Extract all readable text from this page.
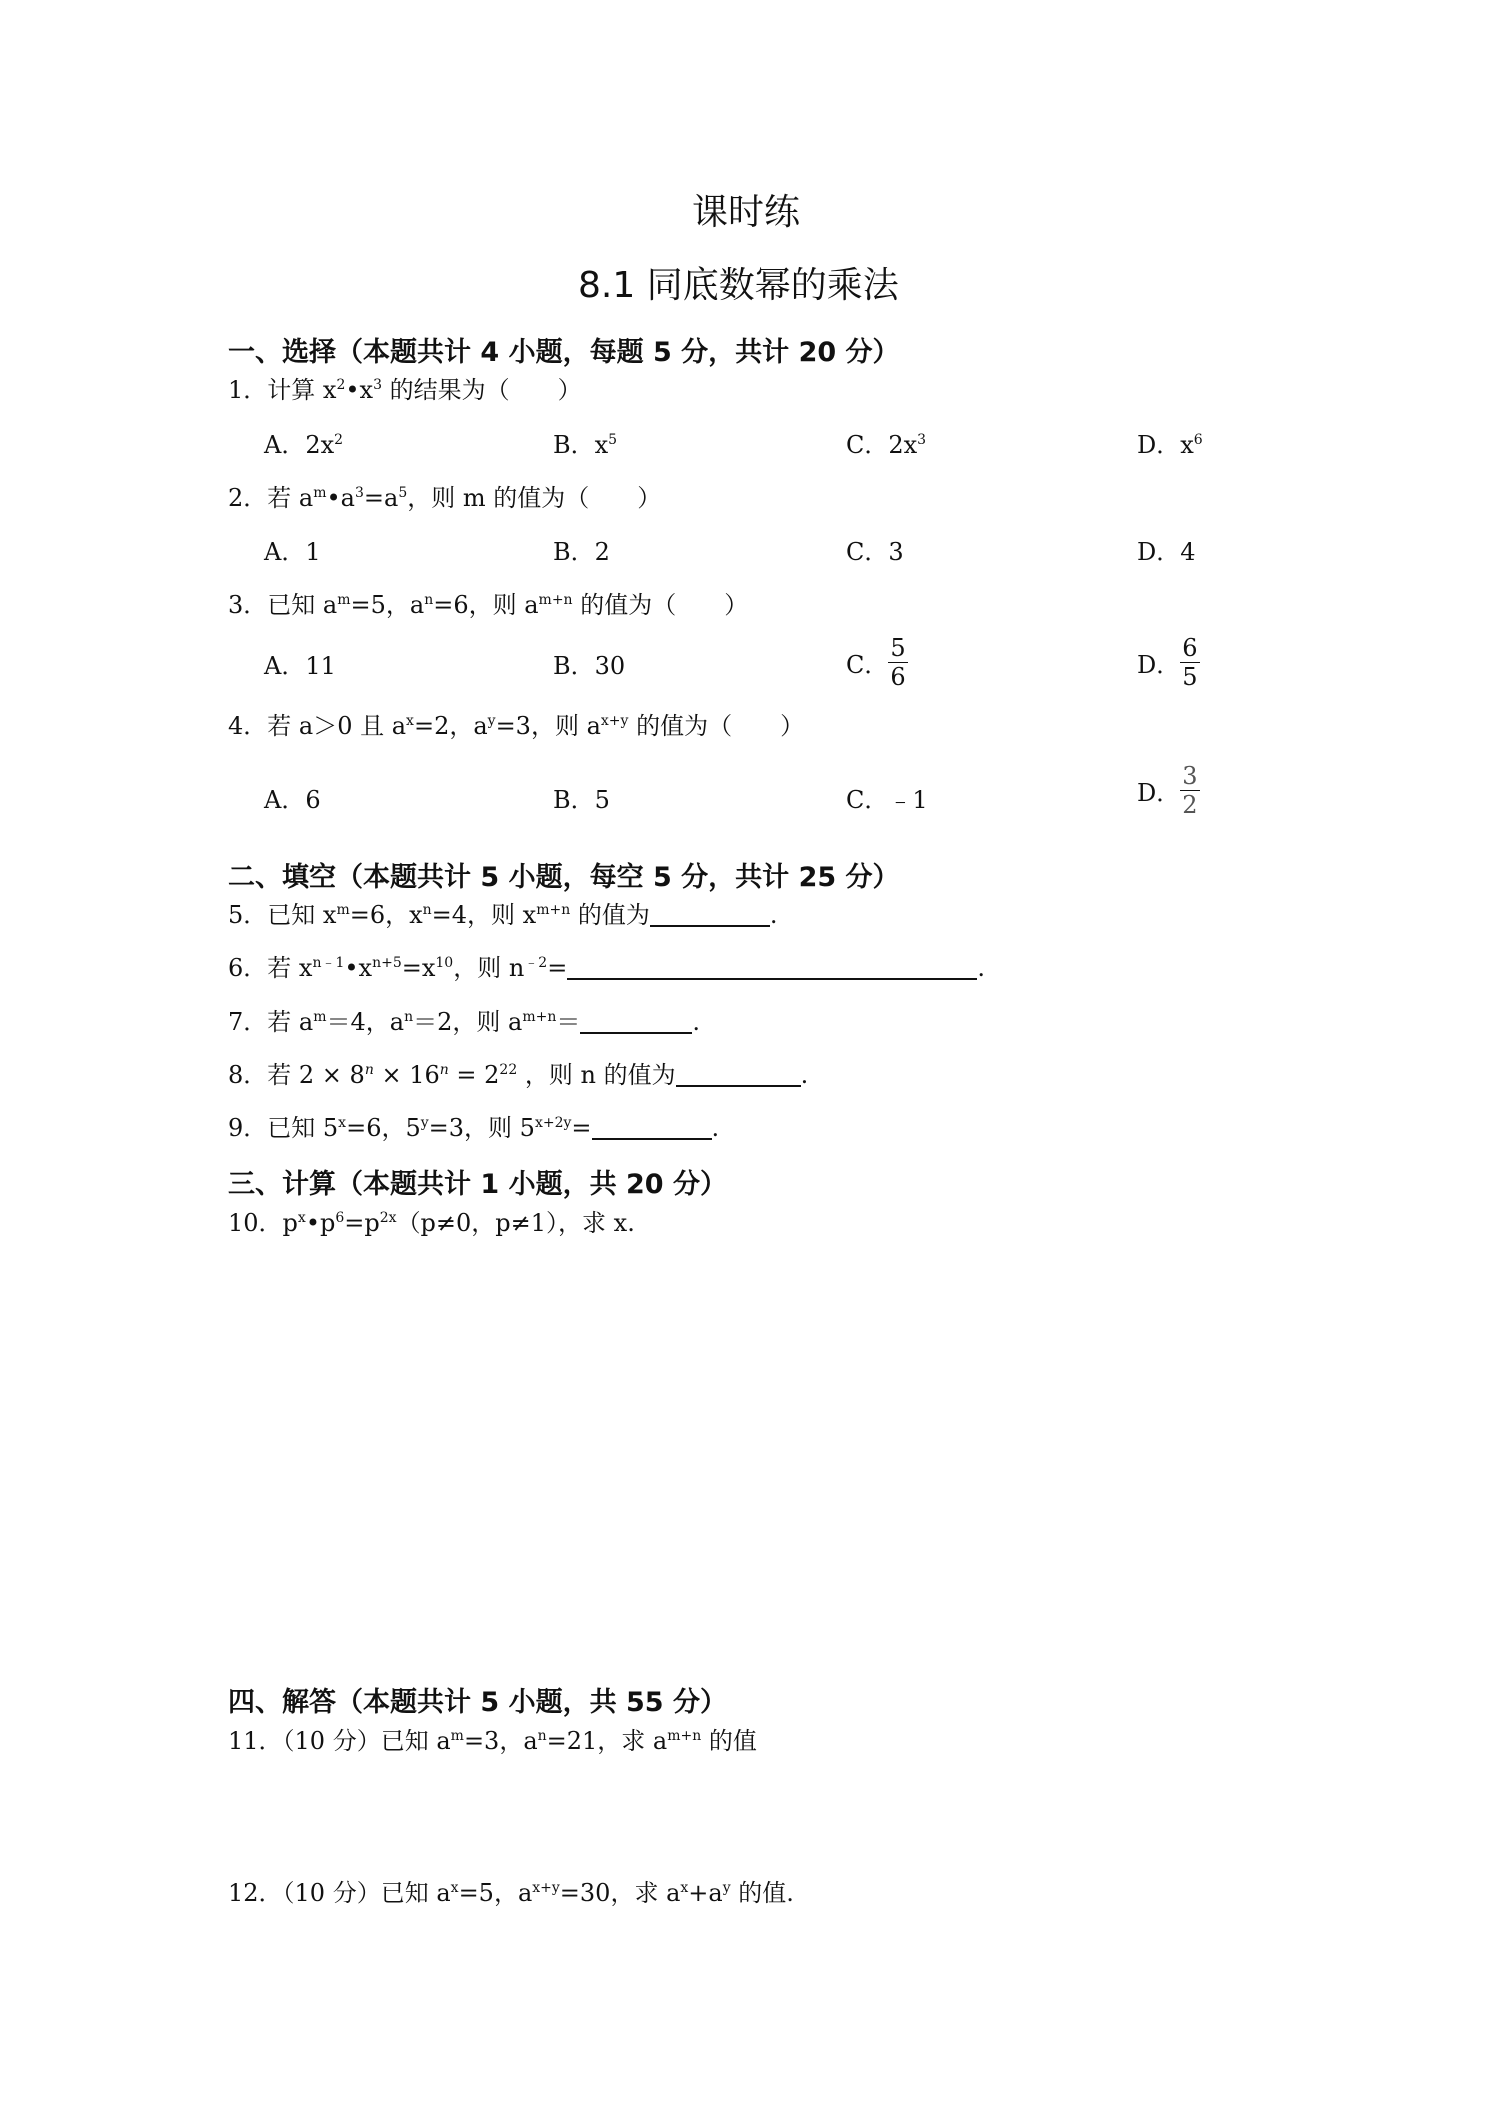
课时练
8.1 同底数幂的乘法
一、选择（本题共计 4 小题，每题 5 分，共计 20 分）
1．计算 $x^2•x^3$ 的结果为（　　）
A．$2x^2$	B．$x^5$	C．$2x^3$	D．$x^6$
2．若 $a^m•a^3=a^5$，则 m 的值为（　　）
A．1	B．2	C．3	D．4
3．已知 $a^m=5$，$a^n=6$，则 $a^{m+n}$ 的值为（　　）
A．11	B．30	C． $\frac{5}{6}$	D． $\frac{6}{5}$
4．若 a＞0 且 $a^x=2$，$a^y=3$，则 $a^{x+y}$ 的值为（　　）
A．6	B．5	C．﹣1	D． $\frac{3}{2}$
二、填空（本题共计 5 小题，每空 5 分，共计 25 分）
5．已知 $x^m=6$，$x^n=4$，则 $x^{m+n}$ 的值为	.
6．若 $x^{n﹣1}•x^{n+5}=x^{10}$，则 $n^{﹣2}=$	.
7．若 $a^m=4$，$a^n=2$，则 $a^{m+n}=$	.
8．若 $2 \times 8^n \times 16^n = 2^{22}$ ，则 n 的值为	.
9．已知 $5^x=6$，$5^y=3$，则 $5^{x+2y}=$	.
三、计算（本题共计 1 小题，共 20 分）
10．$p^x•p^6=p^{2x}(p\ne 0$，p≠1），求 x.
四、解答（本题共计 5 小题，共 55 分）
11．（10 分）已知 $a^m=3$，$a^n=21$，求 $a^{m+n}$ 的值
12．（10 分）已知 $a^x=5$，$a^{x+y}=30$，求 $a^x+a^y$ 的值.
